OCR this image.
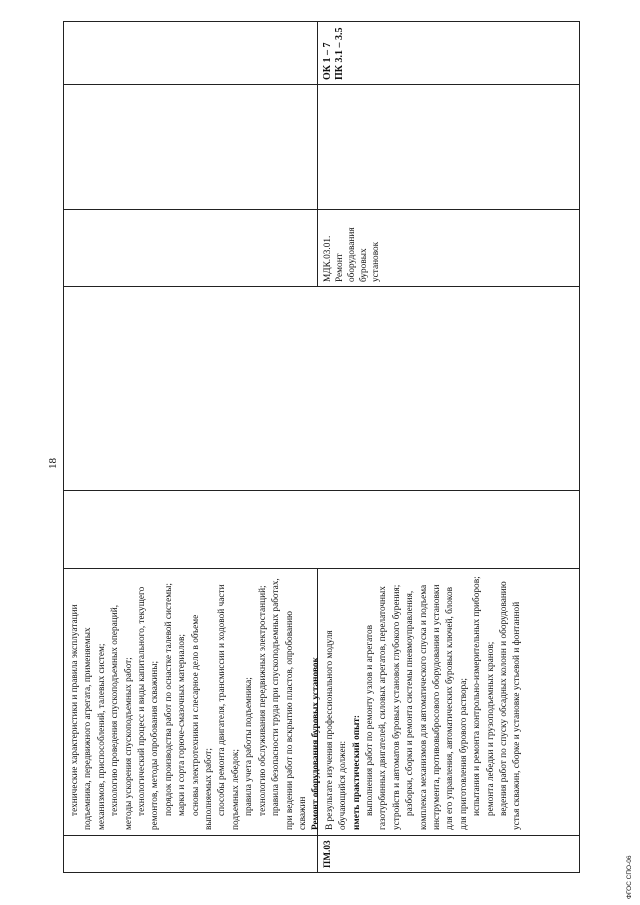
18
ПМ.03

технические характеристики и правила эксплуатации подъемника, передвижного агрегата, применяемых механизмов, приспособлений, талевых систем; технологию проведения спускоподъемных операций, методы ускорения спускоподъемных работ; технологический процесс и виды капитального, текущего ремонтов, методы опробования скважины; порядок производства работ по оснастке талевой системы; марки и сорта горюче-смазочных материалов; основы электротехники и слесарное дело в объеме выполняемых работ; способы ремонта двигателя, трансмиссии и ходовой части подъемных лебедок; правила учета работы подъемника; технологию обслуживания передвижных электростанций; правила безопасности труда при спускоподъемных работах, при ведении работ по вскрытию пластов, опробованию скважин Ремонт оборудования буровых установок В результате изучения профессионального модуля обучающийся должен: иметь практический опыт: выполнения работ по ремонту узлов и агрегатов газотурбинных двигателей, силовых агрегатов, перелаточных устройств и автоматов буровых установок глубокого бурения; разборки, сборки и ремонта системы пневмоуправления, комплекса механизмов для автоматического спуска и подъема инструмента, противовыбросового оборудования и установки для его управления, автоматических буровых ключей, блоков для приготовления бурового раствора; испытания и ремонта контрольно-измерительных приборов; ремонта лебедки и грузоподъемных кранов; ведения работ по спуску обсадных колонн и оборудованию устья скважин, сборке и установке устьевой и фонтанной

МДК.03.01. Ремонт оборудования буровых установок
ОК 1 – 7 ПК 3.1 – 3.5
ФГОС СПО-06
